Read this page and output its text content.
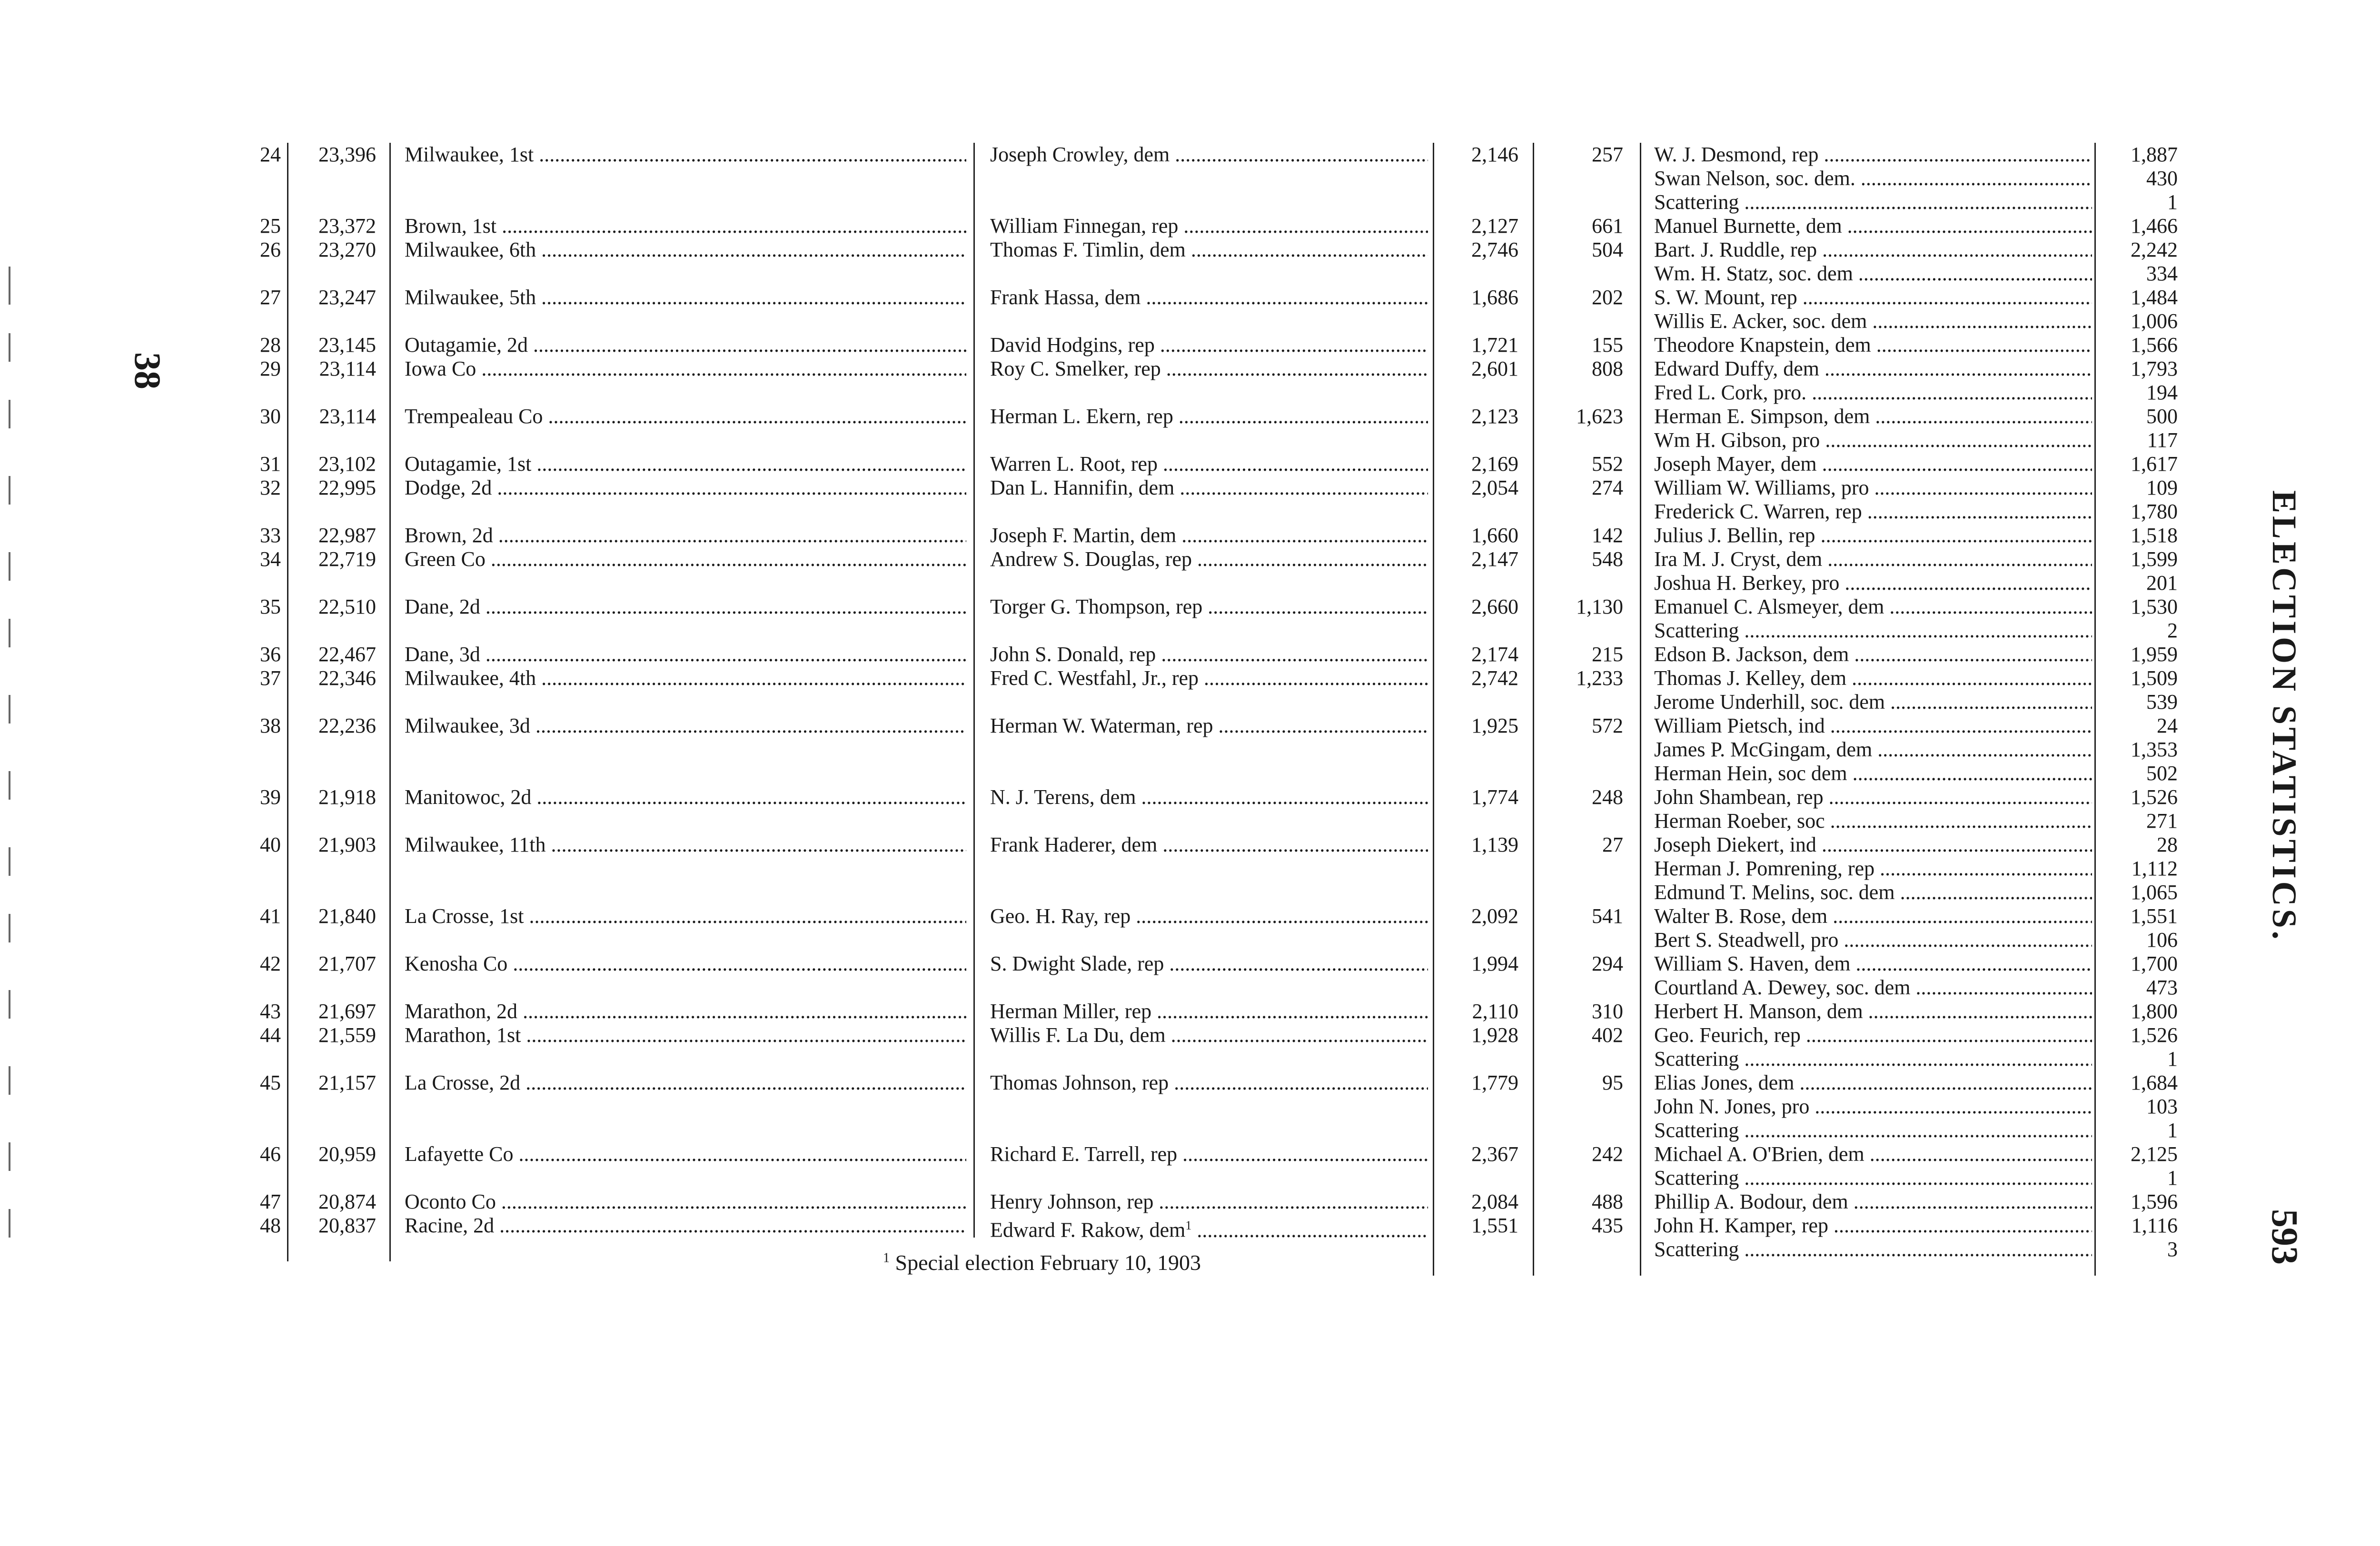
38
ELECTION STATISTICS.
593
24	23,396 Milwaukee, 1st .....	Joseph Crowley, dem .....	2,146	257 W. J. Desmond, rep .....	1,887
Swan Nelson, soc. dem. .....	430
Scattering .....	1
25	23,372 Brown, 1st .....	William Finnegan, rep .....	2,127	661 Manuel Burnette, dem .....	1,466
26	23,270 Milwaukee, 6th .....	Thomas F. Timlin, dem .....	2,746	504 Bart. J. Ruddle, rep .....	2,242
Wm. H. Statz, soc. dem .....	334
27	23,247 Milwaukee, 5th .....	Frank Hassa, dem .....	1,686	202 S. W. Mount, rep .....	1,484
Willis E. Acker, soc. dem .....	1,006
28	23,145 Outagamie, 2d .....	David Hodgins, rep .....	1,721	155 Theodore Knapstein, dem .....	1,566
29	23,114 Iowa Co .....	Roy C. Smelker, rep .....	2,601	808 Edward Duffy, dem .....	1,793
Fred L. Cork, pro. .....	194
30	23,114 Trempealeau Co .....	Herman L. Ekern, rep .....	2,123	1,623 Herman E. Simpson, dem .....	500
Wm H. Gibson, pro .....	117
31	23,102 Outagamie, 1st .....	Warren L. Root, rep .....	2,169	552 Joseph Mayer, dem .....	1,617
32	22,995 Dodge, 2d .....	Dan L. Hannifin, dem .....	2,054	274 William W. Williams, pro .....	109
Frederick C. Warren, rep .....	1,780
33	22,987 Brown, 2d .....	Joseph F. Martin, dem .....	1,660	142 Julius J. Bellin, rep .....	1,518
34	22,719 Green Co .....	Andrew S. Douglas, rep .....	2,147	548 Ira M. J. Cryst, dem .....	1,599
Joshua H. Berkey, pro .....	201
35	22,510 Dane, 2d .....	Torger G. Thompson, rep .....	2,660	1,130 Emanuel C. Alsmeyer, dem .....	1,530
Scattering .....	2
36	22,467 Dane, 3d .....	John S. Donald, rep .....	2,174	215 Edson B. Jackson, dem .....	1,959
37	22,346 Milwaukee, 4th .....	Fred C. Westfahl, Jr., rep .....	2,742	1,233 Thomas J. Kelley, dem .....	1,509
Jerome Underhill, soc. dem .....	539
38	22,236 Milwaukee, 3d .....	Herman W. Waterman, rep .....	1,925	572 William Pietsch, ind .....	24
James P. McGingam, dem .....	1,353
Herman Hein, soc dem .....	502
39	21,918 Manitowoc, 2d .....	N. J. Terens, dem .....	1,774	248 John Shambean, rep .....	1,526
Herman Roeber, soc .....	271
40	21,903 Milwaukee, 11th .....	Frank Haderer, dem .....	1,139	27 Joseph Diekert, ind .....	28
Herman J. Pomrening, rep .....	1,112
Edmund T. Melins, soc. dem .....	1,065
41	21,840 La Crosse, 1st .....	Geo. H. Ray, rep .....	2,092	541 Walter B. Rose, dem .....	1,551
Bert S. Steadwell, pro .....	106
42	21,707 Kenosha Co .....	S. Dwight Slade, rep .....	1,994	294 William S. Haven, dem .....	1,700
Courtland A. Dewey, soc. dem .....	473
43	21,697 Marathon, 2d .....	Herman Miller, rep .....	2,110	310 Herbert H. Manson, dem .....	1,800
44	21,559 Marathon, 1st .....	Willis F. La Du, dem .....	1,928	402 Geo. Feurich, rep .....	1,526
Scattering .....	1
45	21,157 La Crosse, 2d .....	Thomas Johnson, rep .....	1,779	95 Elias Jones, dem .....	1,684
John N. Jones, pro .....	103
Scattering .....	1
46	20,959 Lafayette Co .....	Richard E. Tarrell, rep .....	2,367	242 Michael A. O'Brien, dem .....	2,125
Scattering .....	1
47	20,874 Oconto Co .....	Henry Johnson, rep .....	2,084	488 Phillip A. Bodour, dem .....	1,596
48	20,837 Racine, 2d .....	Edward F. Rakow, dem$^1$ .....	1,551	435 John H. Kamper, rep .....	1,116
Scattering .....	3
$^1$ Special election February 10, 1903
